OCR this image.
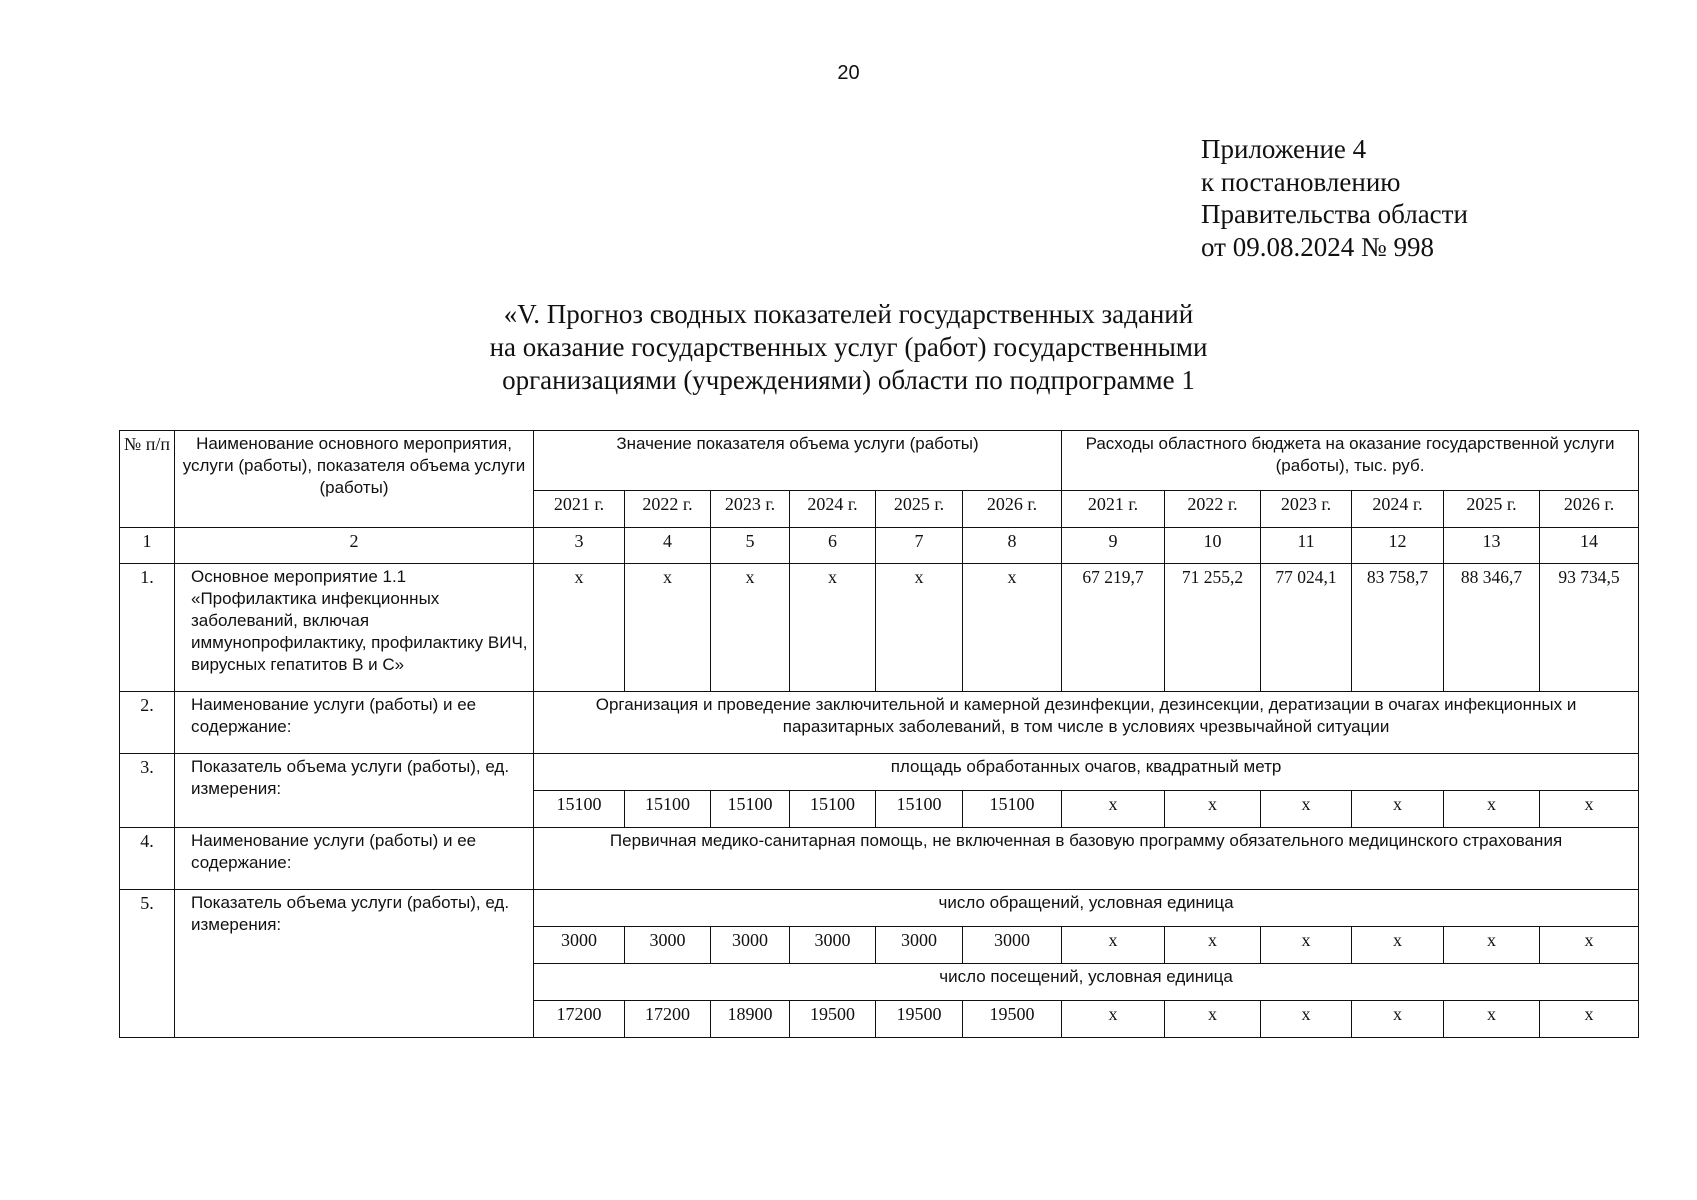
20
Приложение 4
к постановлению
Правительства области
от 09.08.2024 № 998
«V. Прогноз сводных показателей государственных заданий
на оказание государственных услуг (работ) государственными
организациями (учреждениями) области по подпрограмме 1
№ п/п	Наименование основного мероприятия, услуги (работы), показателя объема услуги (работы)	Значение показателя объема услуги (работы)						Расходы областного бюджета на оказание государственной услуги (работы), тыс. руб.					
		2021 г.	2022 г.	2023 г.	2024 г.	2025 г.	2026 г.	2021 г.	2022 г.	2023 г.	2024 г.	2025 г.	2026 г.
1	2	3	4	5	6	7	8	9	10	11	12	13	14
1.	Основное мероприятие 1.1 «Профилактика инфекционных заболеваний, включая иммунопрофилактику, профилактику ВИЧ, вирусных гепатитов В и С»	х	х	х	х	х	х	67 219,7	71 255,2	77 024,1	83 758,7	88 346,7	93 734,5
2.	Наименование услуги (работы) и ее содержание:	Организация и проведение заключительной и камерной дезинфекции, дезинсекции, дератизации в очагах инфекционных и паразитарных заболеваний, в том числе в условиях чрезвычайной ситуации											
3.	Показатель объема услуги (работы), ед. измерения:	площадь обработанных очагов, квадратный метр											
		15100	15100	15100	15100	15100	15100	х	х	х	х	х	х
4.	Наименование услуги (работы) и ее содержание:	Первичная медико-санитарная помощь, не включенная в базовую программу обязательного медицинского страхования											
5.	Показатель объема услуги (работы), ед. измерения:	число обращений, условная единица											
		3000	3000	3000	3000	3000	3000	х	х	х	х	х	х
		число посещений, условная единица											
		17200	17200	18900	19500	19500	19500	х	х	х	х	х	х
